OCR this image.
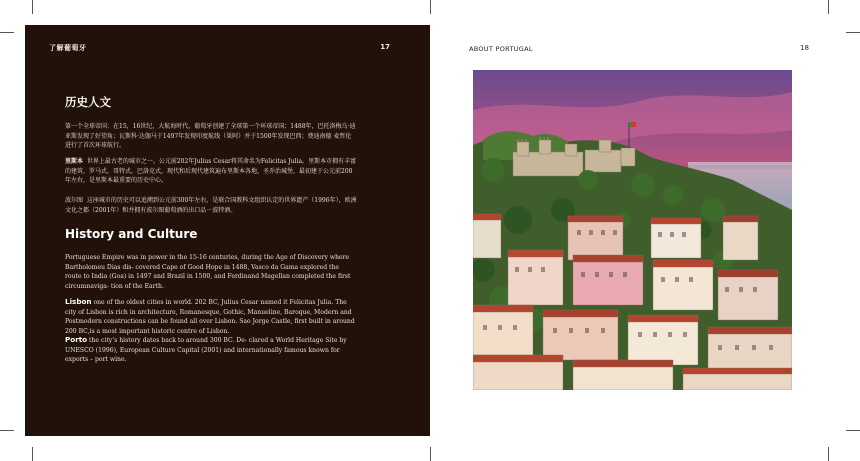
了解葡萄牙	17
历史人文
第一个全球帝国：在15，16世纪，大航海时代，葡萄牙创建了全球第一个环球帝国；1488年，巴托洛梅乌·迪亚斯发现了好望角；瓦斯科·达伽马于1497年发现印度航线（果阿）并于1500年发现巴西；费迪南德 麦哲伦进行了首次环球航行。
里斯本 世界上最古老的城市之一。公元前202年Julius Cesar将其命名为Felicitas Julia。里斯本市拥有丰富的建筑，罗马式，哥特式，巴洛克式，现代和后现代建筑遍布里斯本各地，圣乔治城堡，最初建于公元前200年左右，是里斯本最重要的历史中心。
波尔图 这座城市的历史可以追溯到公元前300年左右，是联合国教科文组织认定的世界遗产（1996年），欧洲文化之都（2001年）和并拥有波尔图葡萄酒的出口品－波特酒。
History and Culture
Portuguese Empire was in power in the 15-16 centuries, during the Age of Discovery where Bartholomeu Dias dis- covered Cape of Good Hope in 1488, Vasco da Gama explored the route to India (Goa) in 1497 and Brazil in 1500, and Ferdinand Magellan completed the first circumnaviga- tion of the Earth.
Lisbon one of the oldest cities in world. 202 BC, Julius Cesar named it Felicitas Julia. The city of Lisbon is rich in architecture, Romanesque, Gothic, Manueline, Baroque, Modern and Postmodern constructions can be found all over Lisbon. Sao Jorge Castle, first built in around 200 BC,is a most important historic centre of Lisbon.
Porto the city’s history dates back to around 300 BC. De- clared a World Heritage Site by UNESCO (1996), European Culture Capital (2001) and internationally famous known for exports – port wine.
ABOUT PORTUGAL	18
